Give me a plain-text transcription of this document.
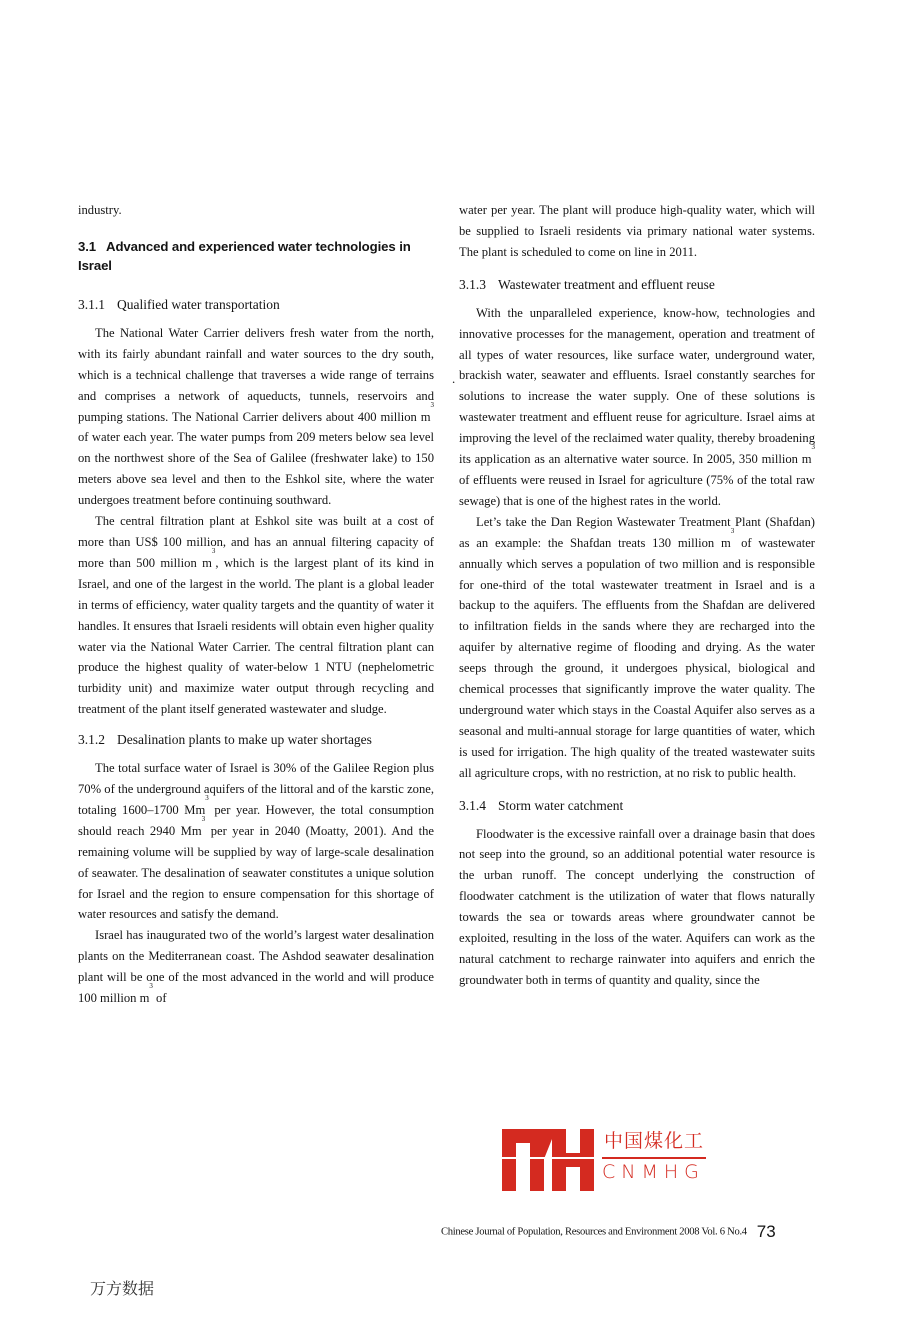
industry.

3.1 Advanced and experienced water technologies in Israel
3.1.1 Qualified water transportation

The National Water Carrier delivers fresh water from the north, with its fairly abundant rainfall and water sources to the dry south, which is a technical challenge that traverses a wide range of terrains and comprises a network of aqueducts, tunnels, reservoirs and pumping stations. The National Carrier delivers about 400 million $m^3$ of water each year. The water pumps from 209 meters below sea level on the northwest shore of the Sea of Galilee (freshwater lake) to 150 meters above sea level and then to the Eshkol site, where the water undergoes treatment before continuing southward.

The central filtration plant at Eshkol site was built at a cost of more than US$ 100 million, and has an annual filtering capacity of more than 500 million $m^3$, which is the largest plant of its kind in Israel, and one of the largest in the world. The plant is a global leader in terms of efficiency, water quality targets and the quantity of water it handles. It ensures that Israeli residents will obtain even higher quality water via the National Water Carrier. The central filtration plant can produce the highest quality of water-below 1 NTU (nephelometric turbidity unit) and maximize water output through recycling and treatment of the plant itself generated wastewater and sludge.

3.1.2 Desalination plants to make up water shortages

The total surface water of Israel is 30% of the Galilee Region plus 70% of the underground aquifers of the littoral and of the karstic zone, totaling 1600–1700 Mm$^3$ per year. However, the total consumption should reach 2940 Mm$^3$ per year in 2040 (Moatty, 2001). And the remaining volume will be supplied by way of large-scale desalination of seawater. The desalination of seawater constitutes a unique solution for Israel and the region to ensure compensation for this shortage of water resources and satisfy the demand.

Israel has inaugurated two of the world’s largest water desalination plants on the Mediterranean coast. The Ashdod seawater desalination plant will be one of the most advanced in the world and will produce 100 million $m^3$ of

water per year. The plant will produce high-quality water, which will be supplied to Israeli residents via primary national water systems. The plant is scheduled to come on line in 2011.

3.1.3 Wastewater treatment and effluent reuse

With the unparalleled experience, know-how, technologies and innovative processes for the management, operation and treatment of all types of water resources, like surface water, underground water, brackish water, seawater and effluents. Israel constantly searches for solutions to increase the water supply. One of these solutions is wastewater treatment and effluent reuse for agriculture. Israel aims at improving the level of the reclaimed water quality, thereby broadening its application as an alternative water source. In 2005, 350 million $m^3$ of effluents were reused in Israel for agriculture (75% of the total raw sewage) that is one of the highest rates in the world.

Let’s take the Dan Region Wastewater Treatment Plant (Shafdan) as an example: the Shafdan treats 130 million $m^3$ of wastewater annually which serves a population of two million and is responsible for one-third of the total wastewater treatment in Israel and is a backup to the aquifers. The effluents from the Shafdan are delivered to infiltration fields in the sands where they are recharged into the aquifer by alternative regime of flooding and drying. As the water seeps through the ground, it undergoes physical, biological and chemical processes that significantly improve the water quality. The underground water which stays in the Coastal Aquifer also serves as a seasonal and multi-annual storage for large quantities of water, which is used for irrigation. The high quality of the treated wastewater suits all agriculture crops, with no restriction, at no risk to public health.

3.1.4 Storm water catchment

Floodwater is the excessive rainfall over a drainage basin that does not seep into the ground, so an additional potential water resource is the urban runoff. The concept underlying the construction of floodwater catchment is the utilization of water that flows naturally towards the sea or towards areas where groundwater cannot be exploited, resulting in the loss of the water. Aquifers can work as the natural catchment to recharge rainwater into aquifers and enrich the groundwater both in terms of quantity and quality, since the

.
中国煤化工
CNMHG
Chinese Journal of Population, Resources and Environment 2008 Vol. 6 No.4 73
万方数据
